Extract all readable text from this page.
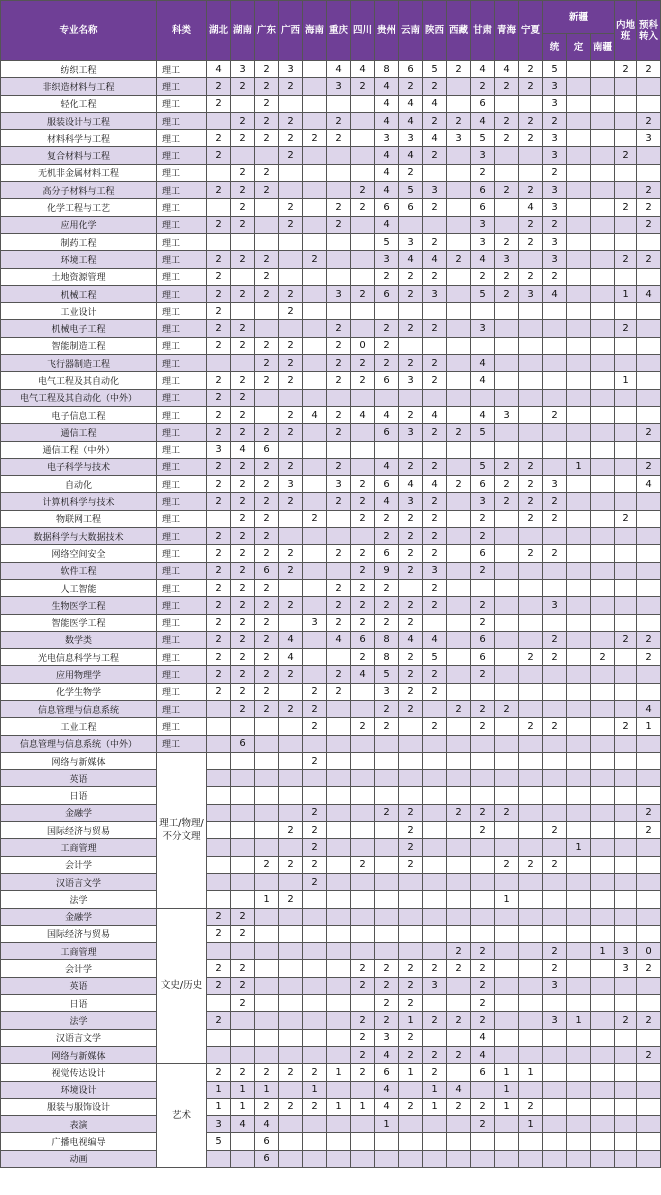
专业名称	科类	湖北	湖南	广东	广西	海南	重庆	四川	贵州	云南	陕西	西藏	甘肃	青海	宁夏	新疆			内地班	预科转入
																统	定	南疆		
纺织工程	理工	4	3	2	3		4	4	8	6	5	2	4	4	2	5			2	2
非织造材料与工程	理工	2	2	2	2		3	2	4	2	2		2	2	2	3				
轻化工程	理工	2		2					4	4	4		6			3				
服装设计与工程	理工		2	2	2		2		4	4	2	2	4	2	2	2				2
材料科学与工程	理工	2	2	2	2	2	2		3	3	4	3	5	2	2	3				3
复合材料与工程	理工	2			2				4	4	2		3			3			2	
无机非金属材料工程	理工		2	2					4	2			2			2				
高分子材料与工程	理工	2	2	2				2	4	5	3		6	2	2	3				2
化学工程与工艺	理工		2		2		2	2	6	6	2		6		4	3			2	2
应用化学	理工	2	2		2		2		4				3		2	2				2
制药工程	理工								5	3	2		3	2	2	3				
环境工程	理工	2	2	2		2			3	4	4	2	4	3		3			2	2
土地资源管理	理工	2		2					2	2	2		2	2	2	2				
机械工程	理工	2	2	2	2		3	2	6	2	3		5	2	3	4			1	4
工业设计	理工	2			2															
机械电子工程	理工	2	2				2		2	2	2		3						2	
智能制造工程	理工	2	2	2	2		2	0	2											
飞行器制造工程	理工			2	2		2	2	2	2	2		4							
电气工程及其自动化	理工	2	2	2	2		2	2	6	3	2		4						1	
电气工程及其自动化（中外）	理工	2	2																	
电子信息工程	理工	2	2		2	4	2	4	4	2	4		4	3		2				
通信工程	理工	2	2	2	2		2		6	3	2	2	5							2
通信工程（中外）	理工	3	4	6																
电子科学与技术	理工	2	2	2	2		2		4	2	2		5	2	2		1			2
自动化	理工	2	2	2	3		3	2	6	4	4	2	6	2	2	3				4
计算机科学与技术	理工	2	2	2	2		2	2	4	3	2		3	2	2	2				
物联网工程	理工		2	2		2		2	2	2	2		2		2	2			2	
数据科学与大数据技术	理工	2	2	2					2	2	2		2							
网络空间安全	理工	2	2	2	2		2	2	6	2	2		6		2	2				
软件工程	理工	2	2	6	2			2	9	2	3		2							
人工智能	理工	2	2	2			2	2	2		2									
生物医学工程	理工	2	2	2	2		2	2	2	2	2		2			3				
智能医学工程	理工	2	2	2		3	2	2	2	2			2							
数学类	理工	2	2	2	4		4	6	8	4	4		6			2			2	2
光电信息科学与工程	理工	2	2	2	4			2	8	2	5		6		2	2		2		2
应用物理学	理工	2	2	2	2		2	4	5	2	2		2							
化学生物学	理工	2	2	2		2	2		3	2	2									
信息管理与信息系统	理工		2	2	2	2			2	2		2	2	2						4
工业工程	理工					2		2	2		2		2		2	2			2	1
信息管理与信息系统（中外）	理工		6																	
网络与新媒体	理工/物理/不分文理					2														
英语																				
日语																				
金融学						2			2	2		2	2	2						2
国际经济与贸易					2	2				2			2			2				2
工商管理						2				2							1			
会计学				2	2	2		2		2				2	2	2				
汉语言文学						2														
法学				1	2									1						
金融学	文史/历史	2	2																	
国际经济与贸易		2	2																	
工商管理												2	2			2		1	3	0
会计学		2	2					2	2	2	2	2	2			2			3	2
英语		2	2					2	2	2	3		2			3				
日语			2						2	2			2							
法学		2						2	2	1	2	2	2			3	1		2	2
汉语言文学								2	3	2			4							
网络与新媒体								2	4	2	2	2	4							2
视觉传达设计	艺术	2	2	2	2	2	1	2	6	1	2		6	1	1					
环境设计		1	1	1		1			4		1	4		1						
服装与服饰设计		1	1	2	2	2	1	1	4	2	1	2	2	1	2					
表演		3	4	4					1				2		1					
广播电视编导		5		6																
动画				6																
